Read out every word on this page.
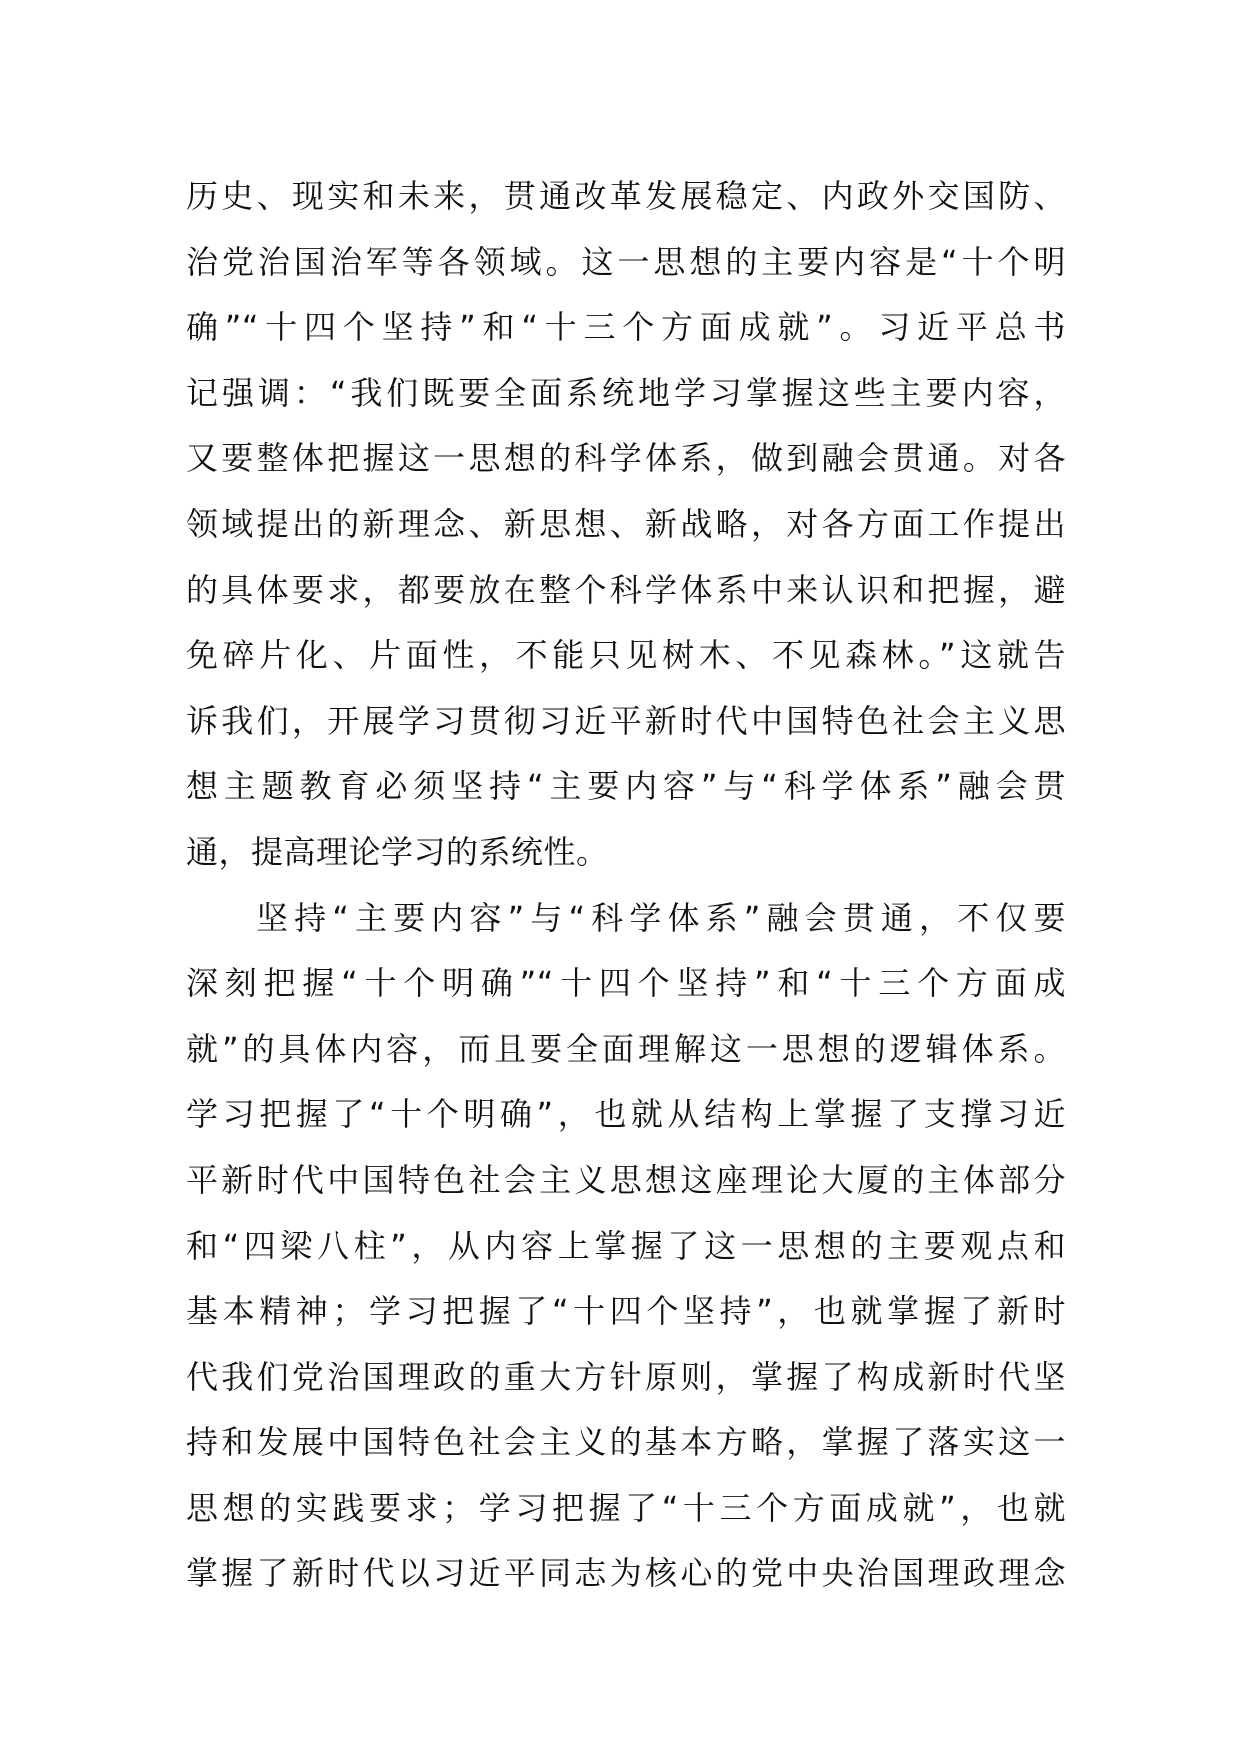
历史、现实和未来，贯通改革发展稳定、内政外交国防、
治党治国治军等各领域。这一思想的主要内容是“十个明
确”“十四个坚持”和“十三个方面成就”。习近平总书
记强调：“我们既要全面系统地学习掌握这些主要内容，
又要整体把握这一思想的科学体系，做到融会贯通。对各
领域提出的新理念、新思想、新战略，对各方面工作提出
的具体要求，都要放在整个科学体系中来认识和把握，避
免碎片化、片面性，不能只见树木、不见森林。”这就告
诉我们，开展学习贯彻习近平新时代中国特色社会主义思
想主题教育必须坚持“主要内容”与“科学体系”融会贯
通，提高理论学习的系统性。
坚持“主要内容”与“科学体系”融会贯通，不仅要
深刻把握“十个明确”“十四个坚持”和“十三个方面成
就”的具体内容，而且要全面理解这一思想的逻辑体系。
学习把握了“十个明确”，也就从结构上掌握了支撑习近
平新时代中国特色社会主义思想这座理论大厦的主体部分
和“四梁八柱”，从内容上掌握了这一思想的主要观点和
基本精神；学习把握了“十四个坚持”，也就掌握了新时
代我们党治国理政的重大方针原则，掌握了构成新时代坚
持和发展中国特色社会主义的基本方略，掌握了落实这一
思想的实践要求；学习把握了“十三个方面成就”，也就
掌握了新时代以习近平同志为核心的党中央治国理政理念
